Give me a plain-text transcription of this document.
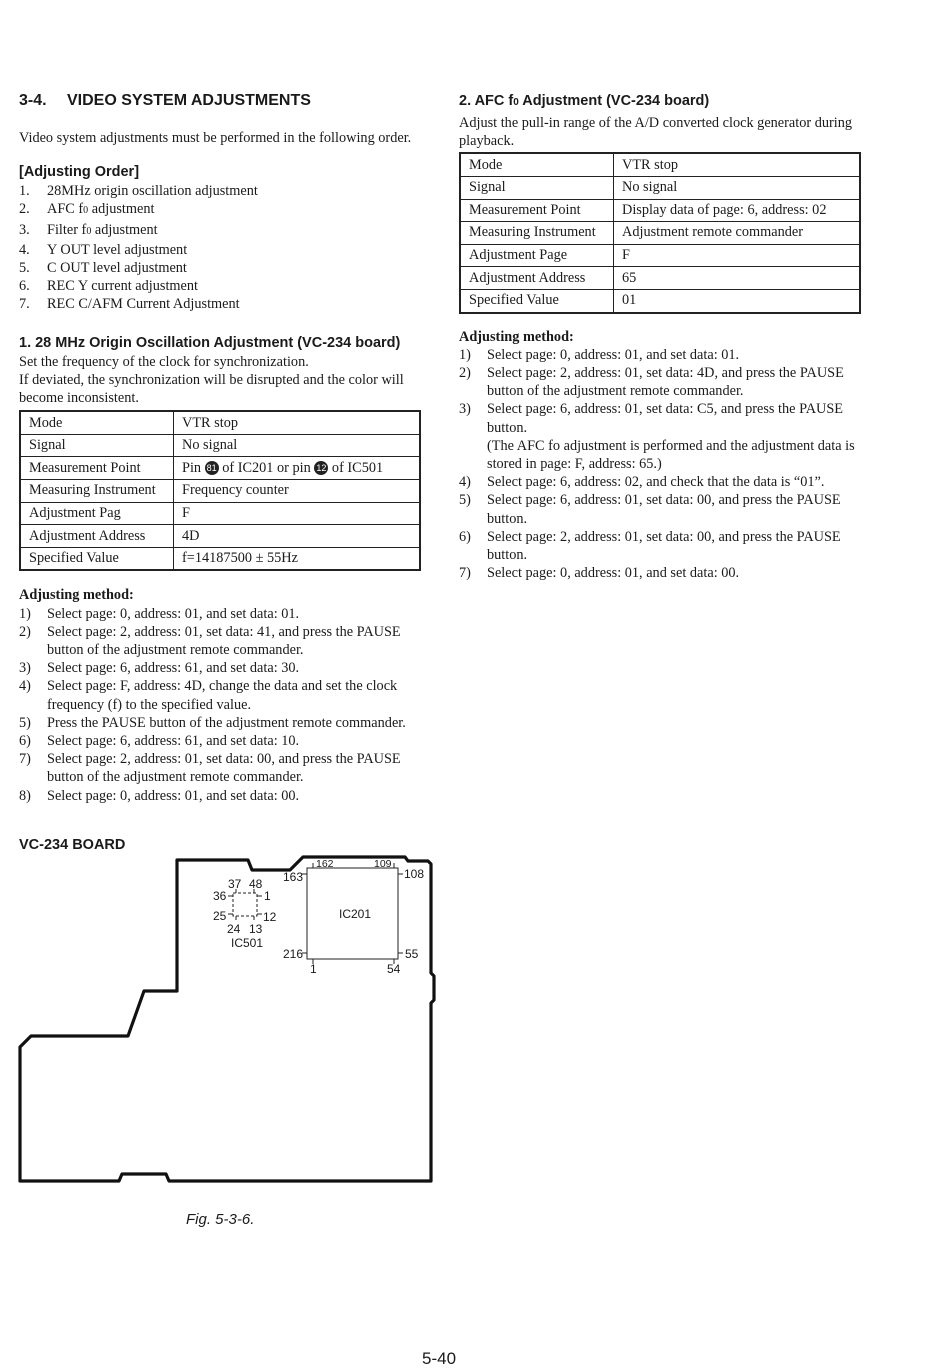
3-4. VIDEO SYSTEM ADJUSTMENTS

Video system adjustments must be performed in the following order.

[Adjusting Order]
1. 28MHz origin oscillation adjustment
2. AFC f0 adjustment
3. Filter f0 adjustment
4. Y OUT level adjustment
5. C OUT level adjustment
6. REC Y current adjustment
7. REC C/AFM Current Adjustment
1. 28 MHz Origin Oscillation Adjustment (VC-234 board)

Set the frequency of the clock for synchronization.

If deviated, the synchronization will be disrupted and the color will become inconsistent.

Mode	VTR stop
Signal	No signal
Measurement Point	Pin 81 of IC201 or pin 12 of IC501
Measuring Instrument	Frequency counter
Adjustment Pag	F
Adjustment Address	4D
Specified Value	f=14187500 ± 55Hz

Adjusting method:

1) Select page: 0, address: 01, and set data: 01.
2) Select page: 2, address: 01, set data: 41, and press the PAUSE button of the adjustment remote commander.
3) Select page: 6, address: 61, and set data: 30.
4) Select page: F, address: 4D, change the data and set the clock frequency (f) to the specified value.
5) Press the PAUSE button of the adjustment remote commander.
6) Select page: 6, address: 61, and set data: 10.
7) Select page: 2, address: 01, set data: 00, and press the PAUSE button of the adjustment remote commander.
8) Select page: 0, address: 01, and set data: 00.
2. AFC f0 Adjustment (VC-234 board)

Adjust the pull-in range of the A/D converted clock generator during playback.

Mode	VTR stop
Signal	No signal
Measurement Point	Display data of page: 6, address: 02
Measuring Instrument	Adjustment remote commander
Adjustment Page	F
Adjustment Address	65
Specified Value	01

Adjusting method:

1) Select page: 0, address: 01, and set data: 01.
2) Select page: 2, address: 01, set data: 4D, and press the PAUSE button of the adjustment remote commander.
3) Select page: 6, address: 01, set data: C5, and press the PAUSE button.
(The AFC fo adjustment is performed and the adjustment data is stored in page: F, address: 65.)
4) Select page: 6, address: 02, and check that the data is “01”.
5) Select page: 6, address: 01, set data: 00, and press the PAUSE button.
6) Select page: 2, address: 01, set data: 00, and press the PAUSE button.
7) Select page: 0, address: 01, and set data: 00.
VC-234 BOARD
162	109
163	108
216	55
1	54
IC201
37 48
36	1
25	12
24 13
IC501
Fig. 5-3-6.
5-40
